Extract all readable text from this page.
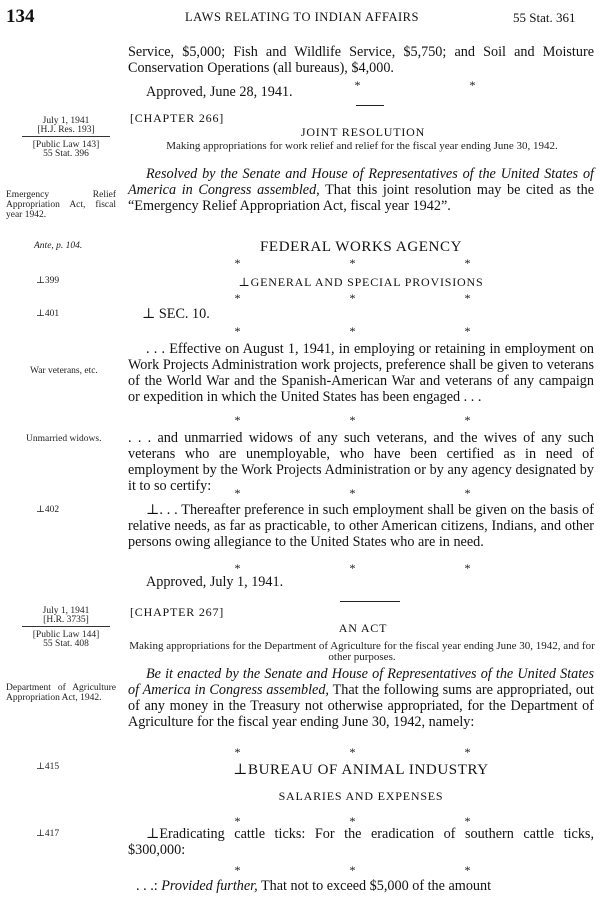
134	LAWS RELATING TO INDIAN AFFAIRS	55 Stat. 361
Service, $5,000; Fish and Wildlife Service, $5,750; and Soil and Moisture Conservation Operations (all bureaus), $4,000.
Approved, June 28, 1941.	*	*
July 1, 1941
[H.J. Res. 193]
[Public Law 143]
55 Stat. 396
[CHAPTER 266]
JOINT RESOLUTION
Making appropriations for work relief and relief for the fiscal year ending June 30, 1942.
Resolved by the Senate and House of Representatives of the United States of America in Congress assembled, That this joint resolution may be cited as the “Emergency Relief Appropriation Act, fiscal year 1942”.
Emergency Relief Appropriation Act, fiscal year 1942.
Ante, p. 104.	FEDERAL WORKS AGENCY
*	*	*
⊥399	⊥GENERAL AND SPECIAL PROVISIONS
*	*	*
⊥401	⊥ SEC. 10.
*	*	*
. . . Effective on August 1, 1941, in employing or retaining in employment on Work Projects Administration work projects, preference shall be given to veterans of the World War and the Spanish-American War and veterans of any campaign or expedition in which the United States has been engaged . . .
War veterans, etc.
*	*	*
. . . and unmarried widows of any such veterans, and the wives of any such veterans who are unemployable, who have been certified as in need of employment by the Work Projects Administration or by any agency designated by it to so certify:
Unmarried widows.
*	*	*
⊥402	⊥. . . Thereafter preference in such employment shall be given on the basis of relative needs, as far as practicable, to other American citizens, Indians, and other persons owing allegiance to the United States who are in need.
*	*	*
Approved, July 1, 1941.
July 1, 1941
[H.R. 3735]
[Public Law 144]
55 Stat. 408
[CHAPTER 267]
AN ACT
Making appropriations for the Department of Agriculture for the fiscal year ending June 30, 1942, and for other purposes.
Be it enacted by the Senate and House of Representatives of the United States of America in Congress assembled, That the following sums are appropriated, out of any money in the Treasury not otherwise appropriated, for the Department of Agriculture for the fiscal year ending June 30, 1942, namely:
Department of Agriculture Appropriation Act, 1942.
*	*	*
⊥415	⊥BUREAU OF ANIMAL INDUSTRY
SALARIES AND EXPENSES
*	*	*
⊥417	⊥Eradicating cattle ticks: For the eradication of southern cattle ticks, $300,000:
*	*	*
. . .: Provided further, That not to exceed $5,000 of the amount
